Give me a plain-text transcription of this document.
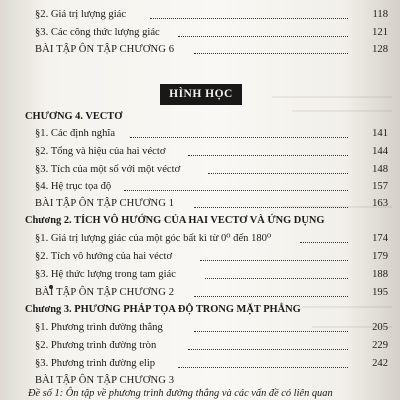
§2. Giá trị lượng giác	118
§3. Các công thức lượng giác	121
BÀI TẬP ÔN TẬP CHƯƠNG 6	128
HÌNH HỌC
CHƯƠNG 4. VECTƠ
§1. Các định nghĩa	141
§2. Tổng và hiệu của hai véctơ	144
§3. Tích của một số với một véctơ	148
§4. Hệ trục tọa độ	157
BÀI TẬP ÔN TẬP CHƯƠNG 1	163
Chương 2. TÍCH VÔ HƯỚNG CỦA HAI VECTƠ VÀ ỨNG DỤNG
§1. Giá trị lượng giác của một góc bất kì từ 0⁰ đến 180⁰	174
§2. Tích vô hướng của hai véctơ	179
§3. Hệ thức lượng trong tam giác	188
BÀI TẬP ÔN TẬP CHƯƠNG 2	195
Chương 3. PHƯƠNG PHÁP TỌA ĐỘ TRONG MẶT PHẲNG
§1. Phương trình đường thẳng	205
§2. Phương trình đường tròn	229
§3. Phương trình đường elip	242
BÀI TẬP ÔN TẬP CHƯƠNG 3
Đề số 1: Ôn tập về phương trình đường thẳng và các vấn đề có liên quan
